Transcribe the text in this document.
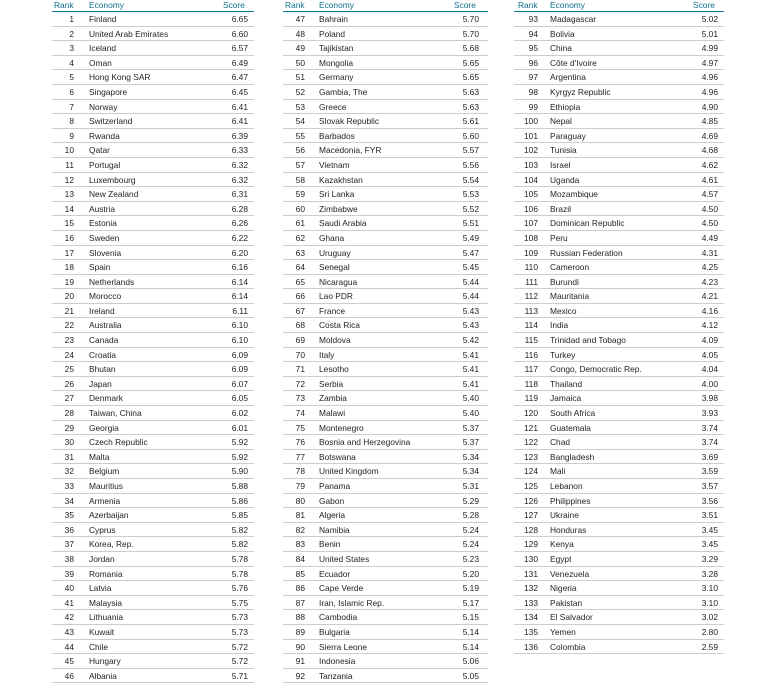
Rank Economy	Score
1 Finland	6.65
2 United Arab Emirates	6.60
3 Iceland	6.57
4 Oman	6.49
5 Hong Kong SAR	6.47
6 Singapore	6.45
7 Norway	6.41
8 Switzerland	6.41
9 Rwanda	6.39
10 Qatar	6.33
11 Portugal	6.32
12 Luxembourg	6.32
13 New Zealand	6.31
14 Austria	6.28
15 Estonia	6.26
16 Sweden	6.22
17 Slovenia	6.20
18 Spain	6.16
19 Netherlands	6.14
20 Morocco	6.14
21 Ireland	6.11
22 Australia	6.10
23 Canada	6.10
24 Croatia	6.09
25 Bhutan	6.09
26 Japan	6.07
27 Denmark	6.05
28 Taiwan, China	6.02
29 Georgia	6.01
30 Czech Republic	5.92
31 Malta	5.92
32 Belgium	5.90
33 Mauritius	5.88
34 Armenia	5.86
35 Azerbaijan	5.85
36 Cyprus	5.82
37 Korea, Rep.	5.82
38 Jordan	5.78
39 Romania	5.78
40 Latvia	5.76
41 Malaysia	5.75
42 Lithuania	5.73
43 Kuwait	5.73
44 Chile	5.72
45 Hungary	5.72
46 Albania	5.71
Rank Economy	Score
47 Bahrain	5.70
48 Poland	5.70
49 Tajikistan	5.68
50 Mongolia	5.65
51 Germany	5.65
52 Gambia, The	5.63
53 Greece	5.63
54 Slovak Republic	5.61
55 Barbados	5.60
56 Macedonia, FYR	5.57
57 Vietnam	5.56
58 Kazakhstan	5.54
59 Sri Lanka	5.53
60 Zimbabwe	5.52
61 Saudi Arabia	5.51
62 Ghana	5.49
63 Uruguay	5.47
64 Senegal	5.45
65 Nicaragua	5.44
66 Lao PDR	5.44
67 France	5.43
68 Costa Rica	5.43
69 Moldova	5.42
70 Italy	5.41
71 Lesotho	5.41
72 Serbia	5.41
73 Zambia	5.40
74 Malawi	5.40
75 Montenegro	5.37
76 Bosnia and Herzegovina	5.37
77 Botswana	5.34
78 United Kingdom	5.34
79 Panama	5.31
80 Gabon	5.29
81 Algeria	5.28
82 Namibia	5.24
83 Benin	5.24
84 United States	5.23
85 Ecuador	5.20
86 Cape Verde	5.19
87 Iran, Islamic Rep.	5.17
88 Cambodia	5.15
89 Bulgaria	5.14
90 Sierra Leone	5.14
91 Indonesia	5.06
92 Tanzania	5.05
Rank Economy	Score
93 Madagascar	5.02
94 Bolivia	5.01
95 China	4.99
96 Côte d'Ivoire	4.97
97 Argentina	4.96
98 Kyrgyz Republic	4.96
99 Ethiopia	4.90
100 Nepal	4.85
101 Paraguay	4.69
102 Tunisia	4.68
103 Israel	4.62
104 Uganda	4.61
105 Mozambique	4.57
106 Brazil	4.50
107 Dominican Republic	4.50
108 Peru	4.49
109 Russian Federation	4.31
110 Cameroon	4.25
111 Burundi	4.23
112 Mauritania	4.21
113 Mexico	4.16
114 India	4.12
115 Trinidad and Tobago	4.09
116 Turkey	4.05
117 Congo, Democratic Rep.	4.04
118 Thailand	4.00
119 Jamaica	3.98
120 South Africa	3.93
121 Guatemala	3.74
122 Chad	3.74
123 Bangladesh	3.69
124 Mali	3.59
125 Lebanon	3.57
126 Philippines	3.56
127 Ukraine	3.51
128 Honduras	3.45
129 Kenya	3.45
130 Egypt	3.29
131 Venezuela	3.28
132 Nigeria	3.10
133 Pakistan	3.10
134 El Salvador	3.02
135 Yemen	2.80
136 Colombia	2.59
